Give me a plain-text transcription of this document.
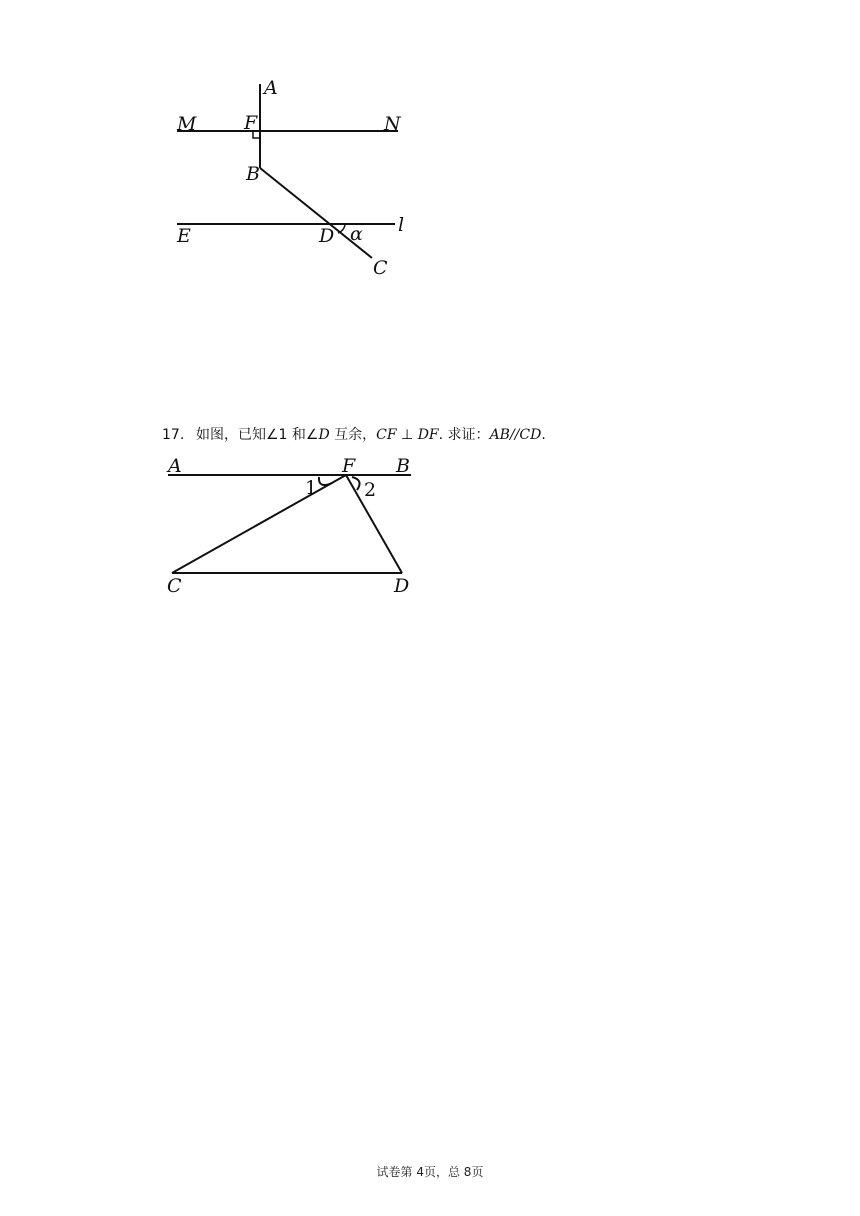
A
M	F	N
B
E	D α l
C
17. 如图，已知∠1 和∠D 互余，CF ⊥ DF. 求证：AB//CD.
A	F B
1 2
C	D
试卷第 4页，总 8页
